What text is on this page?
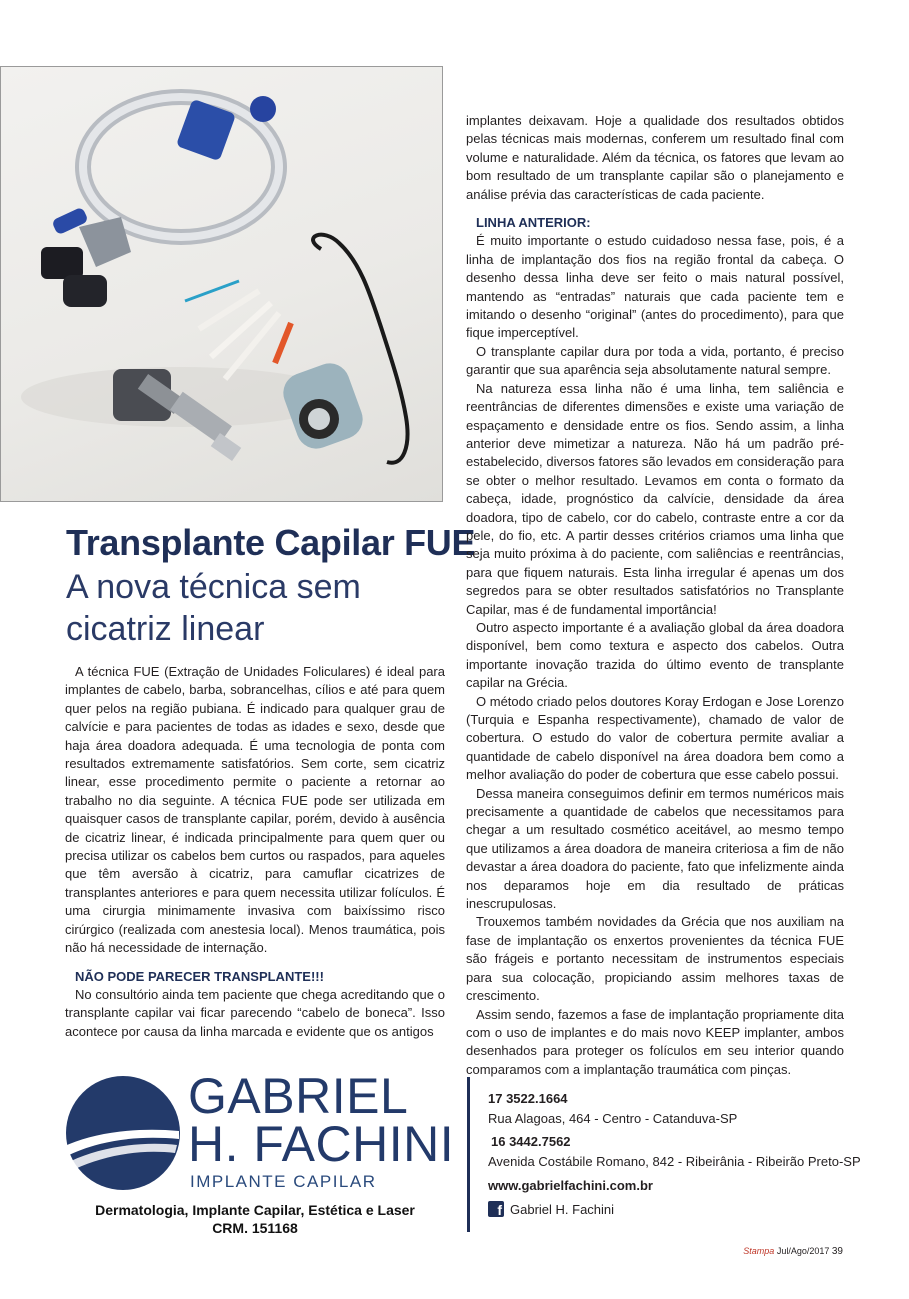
Transplante Capilar FUE
A nova técnica sem cicatriz linear

A técnica FUE (Extração de Unidades Foliculares) é ideal para implantes de cabelo, barba, sobrancelhas, cílios e até para quem quer pelos na região pubiana. É indicado para qualquer grau de calvície e para pacientes de todas as idades e sexo, desde que haja área doadora adequada. É uma tecnologia de ponta com resultados extremamente satisfatórios. Sem corte, sem cicatriz linear, esse procedimento permite o paciente a retornar ao trabalho no dia seguinte. A técnica FUE pode ser utilizada em quaisquer casos de transplante capilar, porém, devido à ausência de cicatriz linear, é indicada principalmente para quem quer ou precisa utilizar os cabelos bem curtos ou raspados, para aqueles que têm aversão à cicatriz, para camuflar cicatrizes de transplantes anteriores e para quem necessita utilizar folículos. É uma cirurgia minimamente invasiva com baixíssimo risco cirúrgico (realizada com anestesia local). Menos traumática, pois não há necessidade de internação.

NÃO PODE PARECER TRANSPLANTE!!!

No consultório ainda tem paciente que chega acreditando que o transplante capilar vai ficar parecendo “cabelo de boneca”. Isso acontece por causa da linha marcada e evidente que os antigos

implantes deixavam. Hoje a qualidade dos resultados obtidos pelas técnicas mais modernas, conferem um resultado final com volume e naturalidade. Além da técnica, os fatores que levam ao bom resultado de um transplante capilar são o planejamento e análise prévia das características de cada paciente.

LINHA ANTERIOR:

É muito importante o estudo cuidadoso nessa fase, pois, é a linha de implantação dos fios na região frontal da cabeça. O desenho dessa linha deve ser feito o mais natural possível, mantendo as “entradas” naturais que cada paciente tem e imitando o desenho “original” (antes do procedimento), para que fique imperceptível.

O transplante capilar dura por toda a vida, portanto, é preciso garantir que sua aparência seja absolutamente natural sempre.

Na natureza essa linha não é uma linha, tem saliência e reentrâncias de diferentes dimensões e existe uma variação de espaçamento e densidade entre os fios. Sendo assim, a linha anterior deve mimetizar a natureza. Não há um padrão pré-estabelecido, diversos fatores são levados em consideração para se obter o melhor resultado. Levamos em conta o formato da cabeça, idade, prognóstico da calvície, densidade da área doadora, tipo de cabelo, cor do cabelo, contraste entre a cor da pele, do fio, etc. A partir desses critérios criamos uma linha que seja muito próxima à do paciente, com saliências e reentrâncias, para que fiquem naturais. Esta linha irregular é apenas um dos segredos para se obter resultados satisfatórios no Transplante Capilar, mas é de fundamental importância!

Outro aspecto importante é a avaliação global da área doadora disponível, bem como textura e aspecto dos cabelos. Outra importante inovação trazida do último evento de transplante capilar na Grécia.

O método criado pelos doutores Koray Erdogan e Jose Lorenzo (Turquia e Espanha respectivamente), chamado de valor de cobertura. O estudo do valor de cobertura permite avaliar a quantidade de cabelo disponível na área doadora bem como a melhor avaliação do poder de cobertura que esse cabelo possui.

Dessa maneira conseguimos definir em termos numéricos mais precisamente a quantidade de cabelos que necessitamos para chegar a um resultado cosmético aceitável, ao mesmo tempo que utilizamos a área doadora de maneira criteriosa a fim de não devastar a área doadora do paciente, fato que infelizmente ainda nos deparamos hoje em dia resultado de práticas inescrupulosas.

Trouxemos também novidades da Grécia que nos auxiliam na fase de implantação os enxertos provenientes da técnica FUE são frágeis e portanto necessitam de instrumentos especiais para sua colocação, propiciando assim melhores taxas de crescimento.

Assim sendo, fazemos a fase de implantação propriamente dita com o uso de implantes e do mais novo KEEP implanter, ambos desenhados para proteger os folículos em seu interior quando comparamos com a implantação traumática com pinças.

GABRIEL
H. FACHINI
IMPLANTE CAPILAR
Dermatologia, Implante Capilar, Estética e Laser
CRM. 151168
17 3522.1664
Rua Alagoas, 464 - Centro - Catanduva-SP
16 3442.7562
Avenida Costábile Romano, 842 - Ribeirânia - Ribeirão Preto-SP
www.gabrielfachini.com.br
f Gabriel H. Fachini
Stampa Jul/Ago/2017 39
